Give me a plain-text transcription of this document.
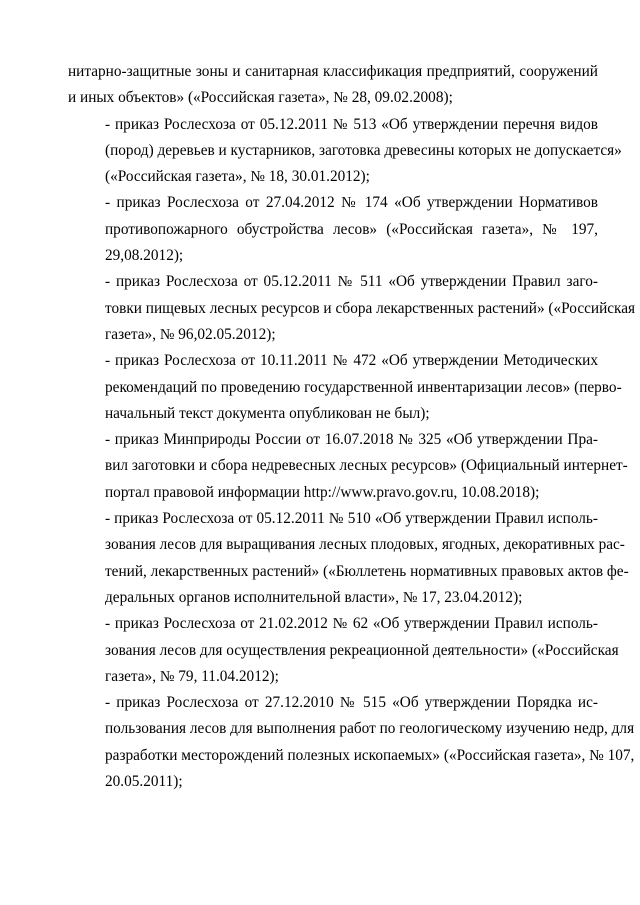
нитарно-защитные зоны и санитарная классификация предприятий, сооружений
и иных объектов» («Российская газета», № 28, 09.02.2008);

- приказ Рослесхоза от 05.12.2011 № 513 «Об утверждении перечня видов
(пород) деревьев и кустарников, заготовка древесины которых не допускается»
(«Российская газета», № 18, 30.01.2012);

- приказ Рослесхоза от 27.04.2012 № 174 «Об утверждении Нормативов
противопожарного обустройства лесов» («Российская газета», № 197,
29,08.2012);

- приказ Рослесхоза от 05.12.2011 № 511 «Об утверждении Правил заго-
товки пищевых лесных ресурсов и сбора лекарственных растений» («Российская
газета», № 96,02.05.2012);

- приказ Рослесхоза от 10.11.2011 № 472 «Об утверждении Методических
рекомендаций по проведению государственной инвентаризации лесов» (перво-
начальный текст документа опубликован не был);

- приказ Минприроды России от 16.07.2018 № 325 «Об утверждении Пра-
вил заготовки и сбора недревесных лесных ресурсов» (Официальный интернет-
портал правовой информации http://www.pravo.gov.ru, 10.08.2018);

- приказ Рослесхоза от 05.12.2011 № 510 «Об утверждении Правил исполь-
зования лесов для выращивания лесных плодовых, ягодных, декоративных рас-
тений, лекарственных растений» («Бюллетень нормативных правовых актов фе-
деральных органов исполнительной власти», № 17, 23.04.2012);

- приказ Рослесхоза от 21.02.2012 № 62 «Об утверждении Правил исполь-
зования лесов для осуществления рекреационной деятельности» («Российская
газета», № 79, 11.04.2012);

- приказ Рослесхоза от 27.12.2010 № 515 «Об утверждении Порядка ис-
пользования лесов для выполнения работ по геологическому изучению недр, для
разработки месторождений полезных ископаемых» («Российская газета», № 107,
20.05.2011);
